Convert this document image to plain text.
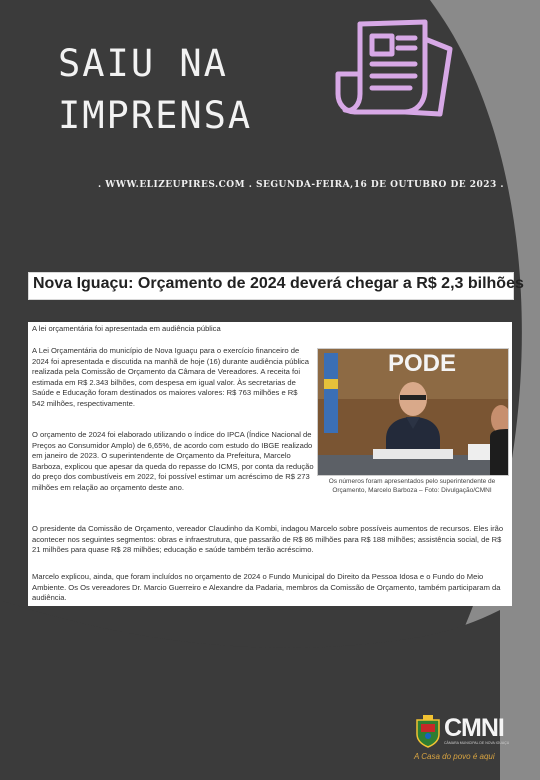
SAIU NA
IMPRENSA
. WWW.ELIZEUPIRES.COM . SEGUNDA-FEIRA,16 DE OUTUBRO DE 2023 .
Nova Iguaçu: Orçamento de 2024 deverá chegar a R$ 2,3 bilhões

A lei orçamentária foi apresentada em audiência pública

A Lei Orçamentária do município de Nova Iguaçu para o exercício financeiro de 2024 foi apresentada e discutida na manhã de hoje (16) durante audiência pública realizada pela Comissão de Orçamento da Câmara de Vereadores. A receita foi estimada em R$ 2.343 bilhões, com despesa em igual valor. Às secretarias de Saúde e Educação foram destinados os maiores valores: R$ 763 milhões e R$ 542 milhões, respectivamente.

O orçamento de 2024 foi elaborado utilizando o índice do IPCA (Índice Nacional de Preços ao Consumidor Amplo) de 6,65%, de acordo com estudo do IBGE realizado em janeiro de 2023. O superintendente de Orçamento da Prefeitura, Marcelo Barboza, explicou que apesar da queda do repasse do ICMS, por conta da redução do preço dos combustíveis em 2022, foi possível estimar um acréscimo de R$ 273 milhões em relação ao orçamento deste ano.

O presidente da Comissão de Orçamento, vereador Claudinho da Kombi, indagou Marcelo sobre possíveis aumentos de recursos. Eles irão acontecer nos seguintes segmentos: obras e infraestrutura, que passarão de R$ 86 milhões para R$ 188 milhões; assistência social, de R$ 21 milhões para quase R$ 28 milhões; educação e saúde também terão acréscimo.

Marcelo explicou, ainda, que foram incluídos no orçamento de 2024 o Fundo Municipal do Direito da Pessoa Idosa e o Fundo do Meio Ambiente. Os Os vereadores Dr. Marcio Guerreiro e Alexandre da Padaria, membros da Comissão de Orçamento, também participaram da audiência.

PODE
Os números foram apresentados pelo superintendente de Orçamento, Marcelo Barboza – Foto: Divulgação/CMNI
CMNI
CÂMARA MUNICIPAL DE NOVA IGUAÇU
A Casa do povo é aqui
